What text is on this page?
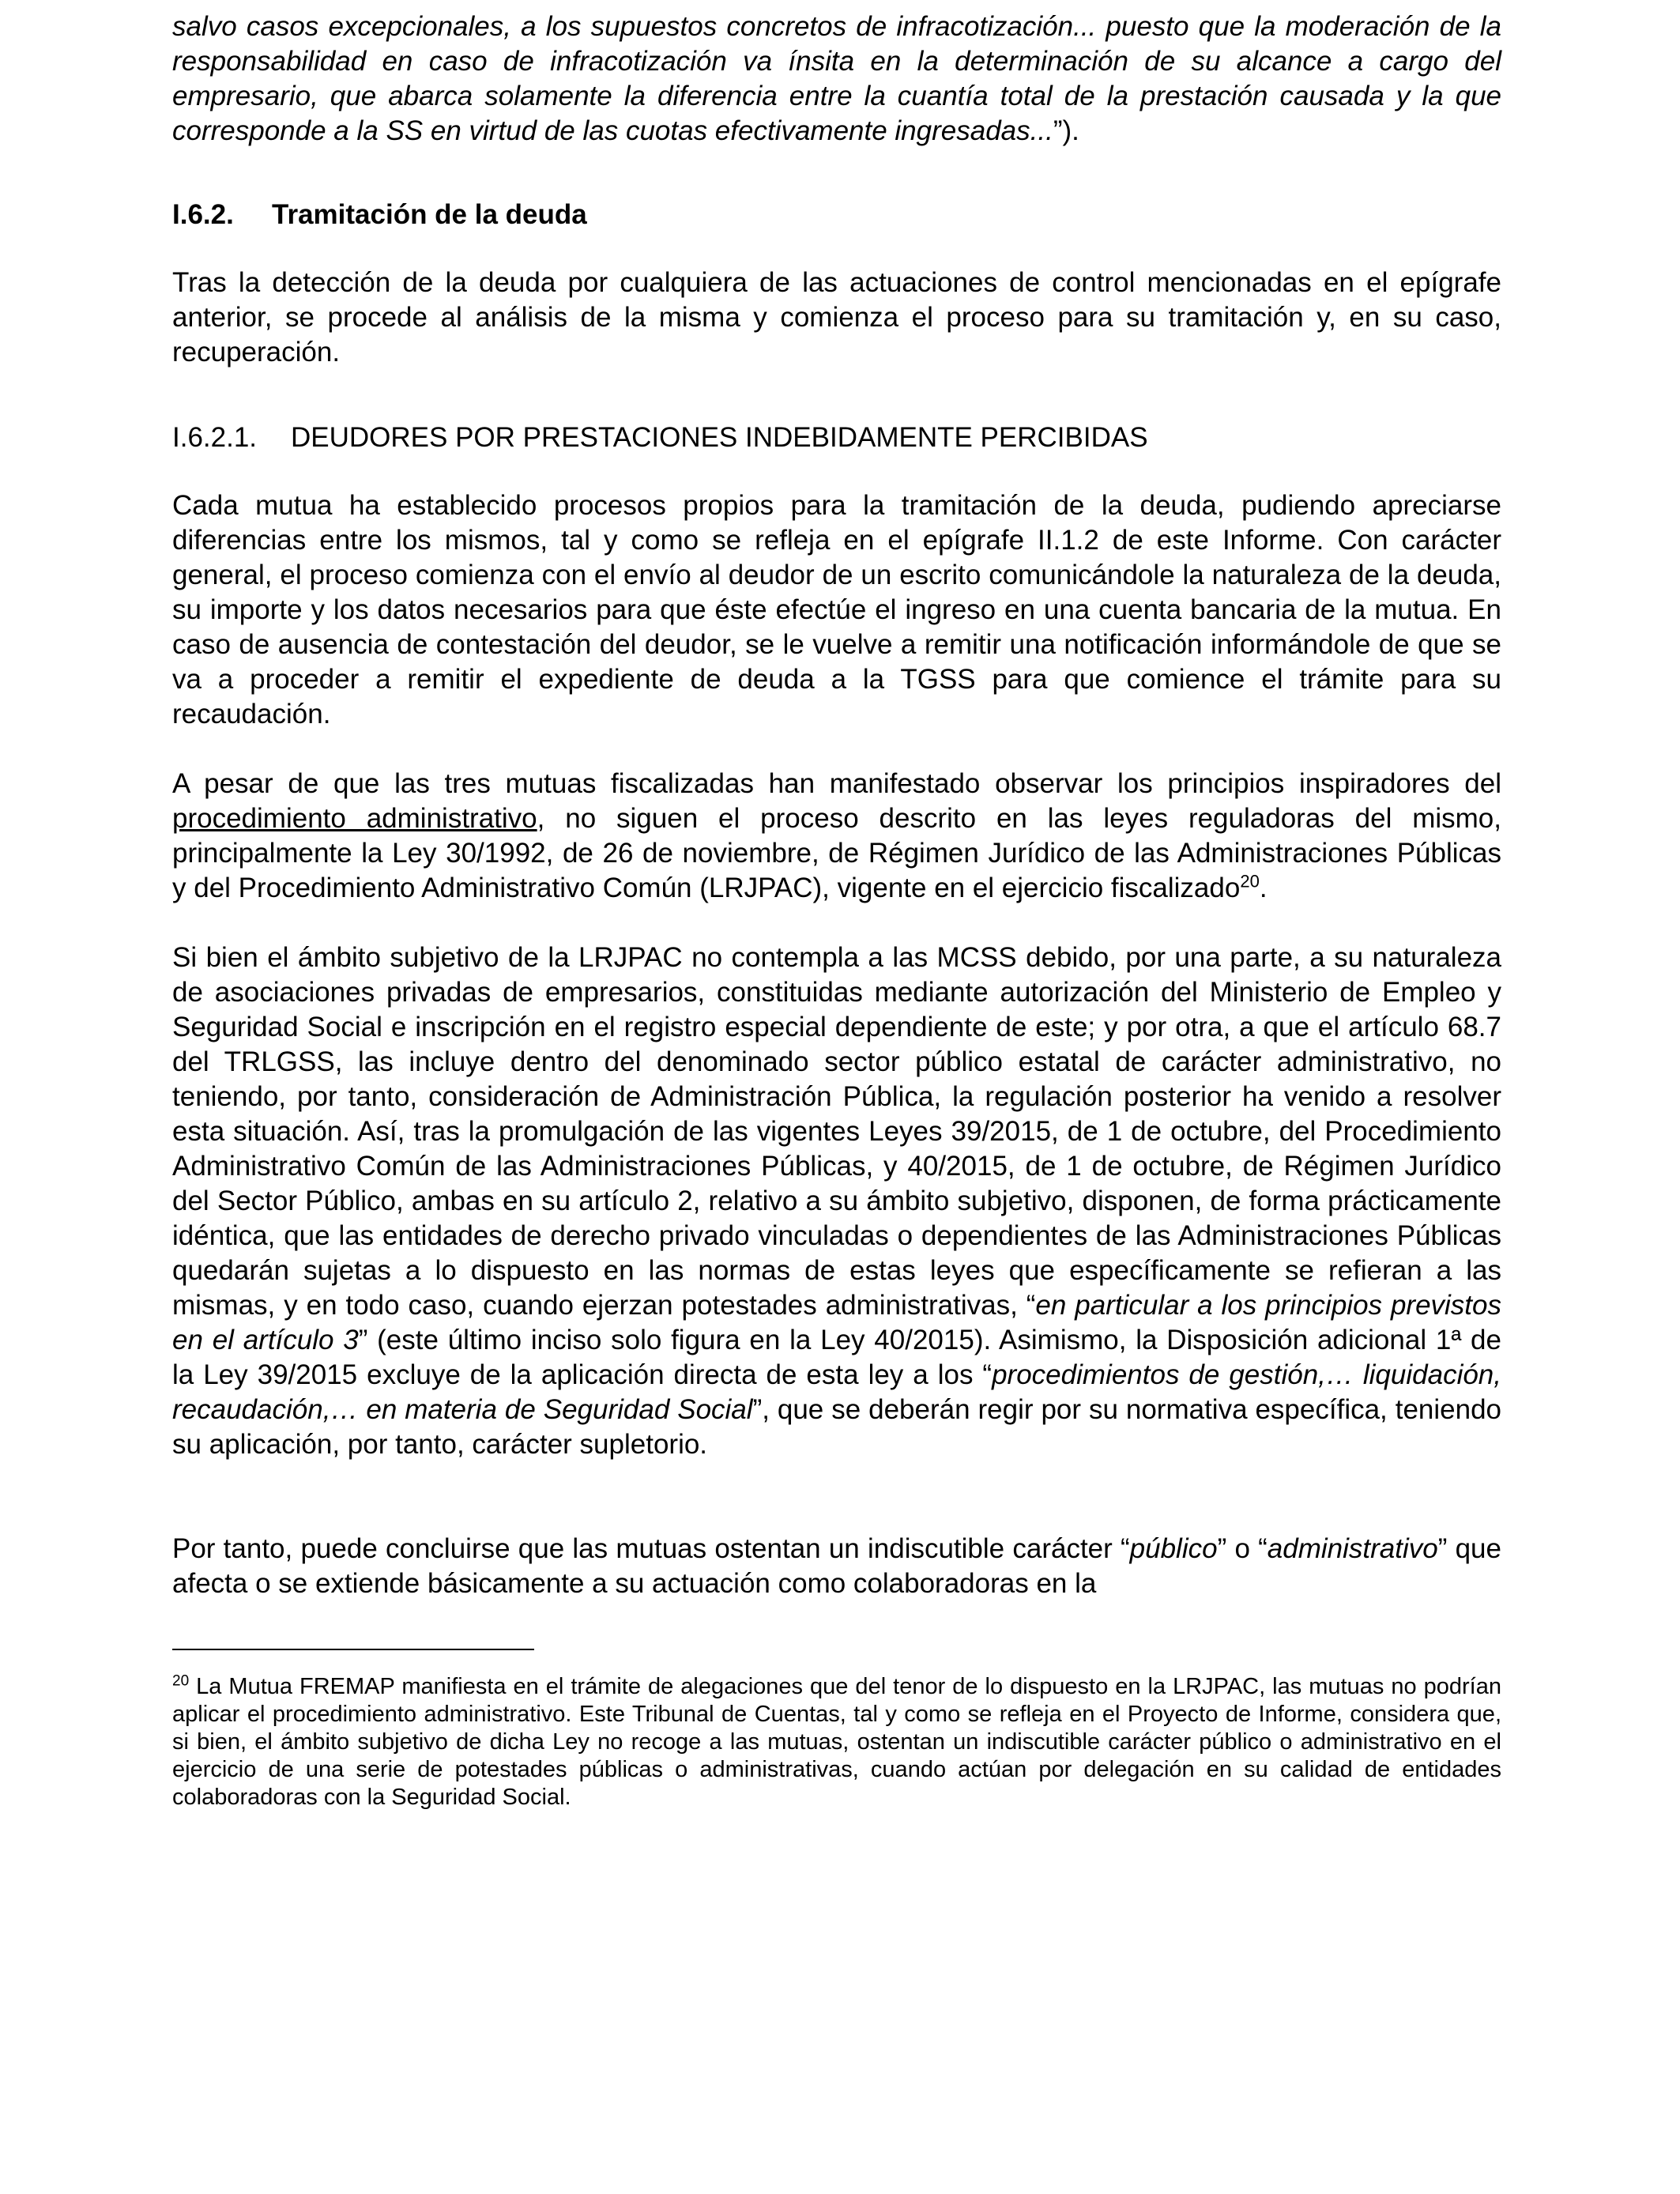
salvo casos excepcionales, a los supuestos concretos de infracotización... puesto que la moderación de la responsabilidad en caso de infracotización va ínsita en la determinación de su alcance a cargo del empresario, que abarca solamente la diferencia entre la cuantía total de la prestación causada y la que corresponde a la SS en virtud de las cuotas efectivamente ingresadas...”).

I.6.2. Tramitación de la deuda

Tras la detección de la deuda por cualquiera de las actuaciones de control mencionadas en el epígrafe anterior, se procede al análisis de la misma y comienza el proceso para su tramitación y, en su caso, recuperación.

I.6.2.1. DEUDORES POR PRESTACIONES INDEBIDAMENTE PERCIBIDAS

Cada mutua ha establecido procesos propios para la tramitación de la deuda, pudiendo apreciarse diferencias entre los mismos, tal y como se refleja en el epígrafe II.1.2 de este Informe. Con carácter general, el proceso comienza con el envío al deudor de un escrito comunicándole la naturaleza de la deuda, su importe y los datos necesarios para que éste efectúe el ingreso en una cuenta bancaria de la mutua. En caso de ausencia de contestación del deudor, se le vuelve a remitir una notificación informándole de que se va a proceder a remitir el expediente de deuda a la TGSS para que comience el trámite para su recaudación.

A pesar de que las tres mutuas fiscalizadas han manifestado observar los principios inspiradores del procedimiento administrativo, no siguen el proceso descrito en las leyes reguladoras del mismo, principalmente la Ley 30/1992, de 26 de noviembre, de Régimen Jurídico de las Administraciones Públicas y del Procedimiento Administrativo Común (LRJPAC), vigente en el ejercicio fiscalizado$^{20}$.

Si bien el ámbito subjetivo de la LRJPAC no contempla a las MCSS debido, por una parte, a su naturaleza de asociaciones privadas de empresarios, constituidas mediante autorización del Ministerio de Empleo y Seguridad Social e inscripción en el registro especial dependiente de este; y por otra, a que el artículo 68.7 del TRLGSS, las incluye dentro del denominado sector público estatal de carácter administrativo, no teniendo, por tanto, consideración de Administración Pública, la regulación posterior ha venido a resolver esta situación. Así, tras la promulgación de las vigentes Leyes 39/2015, de 1 de octubre, del Procedimiento Administrativo Común de las Administraciones Públicas, y 40/2015, de 1 de octubre, de Régimen Jurídico del Sector Público, ambas en su artículo 2, relativo a su ámbito subjetivo, disponen, de forma prácticamente idéntica, que las entidades de derecho privado vinculadas o dependientes de las Administraciones Públicas quedarán sujetas a lo dispuesto en las normas de estas leyes que específicamente se refieran a las mismas, y en todo caso, cuando ejerzan potestades administrativas, “en particular a los principios previstos en el artículo 3” (este último inciso solo figura en la Ley 40/2015). Asimismo, la Disposición adicional 1ª de la Ley 39/2015 excluye de la aplicación directa de esta ley a los “procedimientos de gestión,… liquidación, recaudación,… en materia de Seguridad Social”, que se deberán regir por su normativa específica, teniendo su aplicación, por tanto, carácter supletorio.

Por tanto, puede concluirse que las mutuas ostentan un indiscutible carácter “público” o “administrativo” que afecta o se extiende básicamente a su actuación como colaboradoras en la

$^{20}$ La Mutua FREMAP manifiesta en el trámite de alegaciones que del tenor de lo dispuesto en la LRJPAC, las mutuas no podrían aplicar el procedimiento administrativo. Este Tribunal de Cuentas, tal y como se refleja en el Proyecto de Informe, considera que, si bien, el ámbito subjetivo de dicha Ley no recoge a las mutuas, ostentan un indiscutible carácter público o administrativo en el ejercicio de una serie de potestades públicas o administrativas, cuando actúan por delegación en su calidad de entidades colaboradoras con la Seguridad Social.
